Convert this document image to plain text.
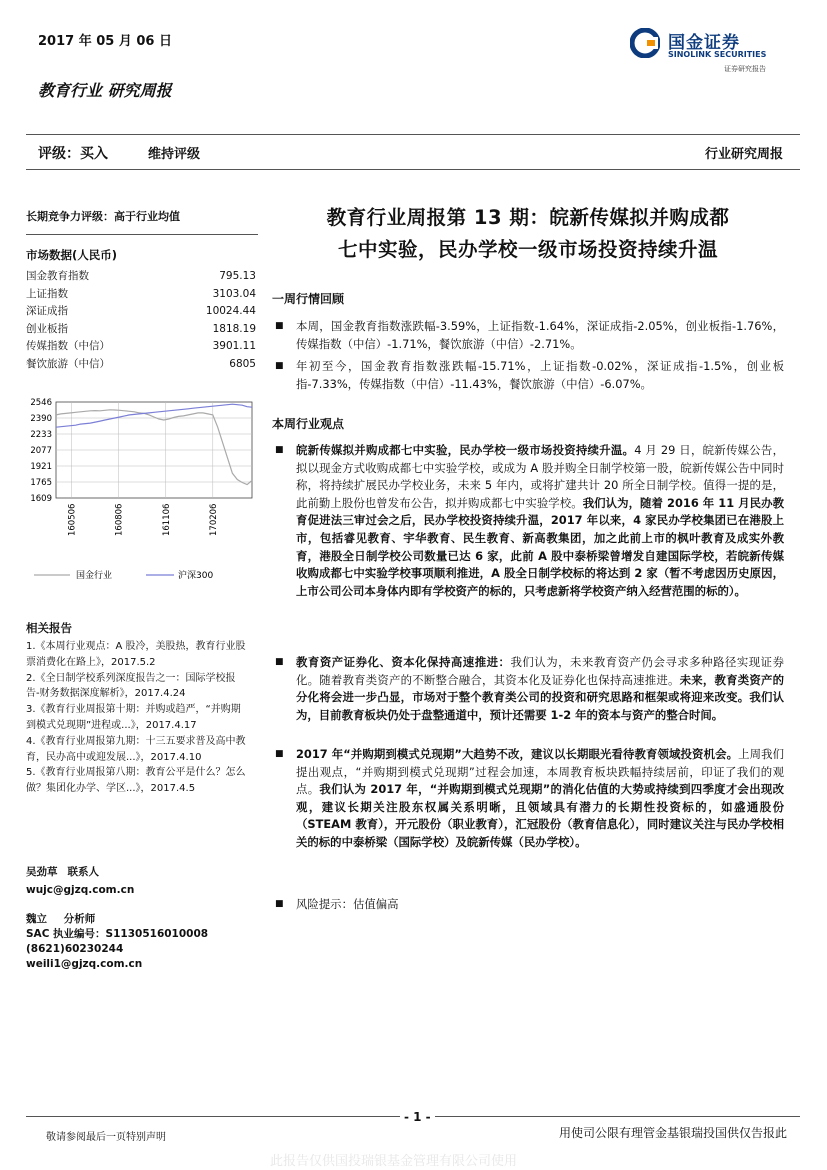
2017 年 05 月 06 日	国金证券
SINOLINK SECURITIES
证券研究报告
教育行业 研究周报
评级：买入	维持评级	行业研究周报
长期竞争力评级：高于行业均值
市场数据(人民币)
国金教育指数	795.13
上证指数	3103.04
深证成指	10024.44
创业板指	1818.19
传媒指数（中信）	3901.11
餐饮旅游（中信）	6805
2546
2390
2233
2077
1921
1765
1609
160506	160806	161106	170206
国金行业	沪深300
相关报告
1.《本周行业观点：A 股冷，美股热，教育行业股票消费化在路上》，2017.5.2
2.《全日制学校系列深度报告之一：国际学校报告-财务数据深度解析》，2017.4.24
3.《教育行业周报第十期：并购或趋严，“并购期到模式兑现期”进程或...》，2017.4.17
4.《教育行业周报第九期：十三五要求普及高中教育，民办高中或迎发展...》，2017.4.10
5.《教育行业周报第八期：教育公平是什么？怎么做？集团化办学、学区...》，2017.4.5
吴劲草 联系人
wujc@gjzq.com.cn
魏立 分析师
SAC 执业编号：S1130516010008
(8621)60230244
weili1@gjzq.com.cn
教育行业周报第 13 期：皖新传媒拟并购成都
七中实验，民办学校一级市场投资持续升温
一周行情回顾
■ 本周，国金教育指数涨跌幅-3.59%，上证指数-1.64%，深证成指-2.05%，创业板指-1.76%，传媒指数（中信）-1.71%，餐饮旅游（中信）-2.71%。
■ 年初至今，国金教育指数涨跌幅-15.71%，上证指数-0.02%，深证成指-1.5%，创业板指-7.33%，传媒指数（中信）-11.43%，餐饮旅游（中信）-6.07%。
本周行业观点
■ 皖新传媒拟并购成都七中实验，民办学校一级市场投资持续升温。4 月 29 日，皖新传媒公告，拟以现金方式收购成都七中实验学校，或成为 A 股并购全日制学校第一股，皖新传媒公告中同时称，将持续扩展民办学校业务，未来 5 年内，或将扩建共计 20 所全日制学校。值得一提的是，此前勤上股份也曾发布公告，拟并购成都七中实验学校。我们认为，随着 2016 年 11 月民办教育促进法三审过会之后，民办学校投资持续升温，2017 年以来，4 家民办学校集团已在港股上市，包括睿见教育、宇华教育、民生教育、新高教集团，加之此前上市的枫叶教育及成实外教育，港股全日制学校公司数量已达 6 家，此前 A 股中泰桥梁曾增发自建国际学校，若皖新传媒收购成都七中实验学校事项顺利推进，A 股全日制学校标的将达到 2 家（暂不考虑因历史原因，上市公司公司本身体内即有学校资产的标的，只考虑新将学校资产纳入经营范围的标的）。
■ 教育资产证券化、资本化保持高速推进：我们认为，未来教育资产仍会寻求多种路径实现证券化。随着教育类资产的不断整合融合，其资本化及证券化也保持高速推进。未来，教育类资产的分化将会进一步凸显，市场对于整个教育类公司的投资和研究思路和框架或将迎来改变。我们认为，目前教育板块仍处于盘整通道中，预计还需要 1-2 年的资本与资产的整合时间。
■ 2017 年“并购期到模式兑现期”大趋势不改，建议以长期眼光看待教育领域投资机会。上周我们提出观点，“并购期到模式兑现期”过程会加速，本周教育板块跌幅持续居前，印证了我们的观点。我们认为 2017 年，“并购期到模式兑现期”的消化估值的大势或持续到四季度才会出现改观，建议长期关注股东权属关系明晰，且领域具有潜力的长期性投资标的，如盛通股份（STEAM 教育），开元股份（职业教育），汇冠股份（教育信息化），同时建议关注与民办学校相关的标的中泰桥梁（国际学校）及皖新传媒（民办学校）。
■ 风险提示：估值偏高
- 1 -
敬请参阅最后一页特别声明	用使司公限有理管金基银瑞投国供仅告报此
此报告仅供国投瑞银基金管理有限公司使用
